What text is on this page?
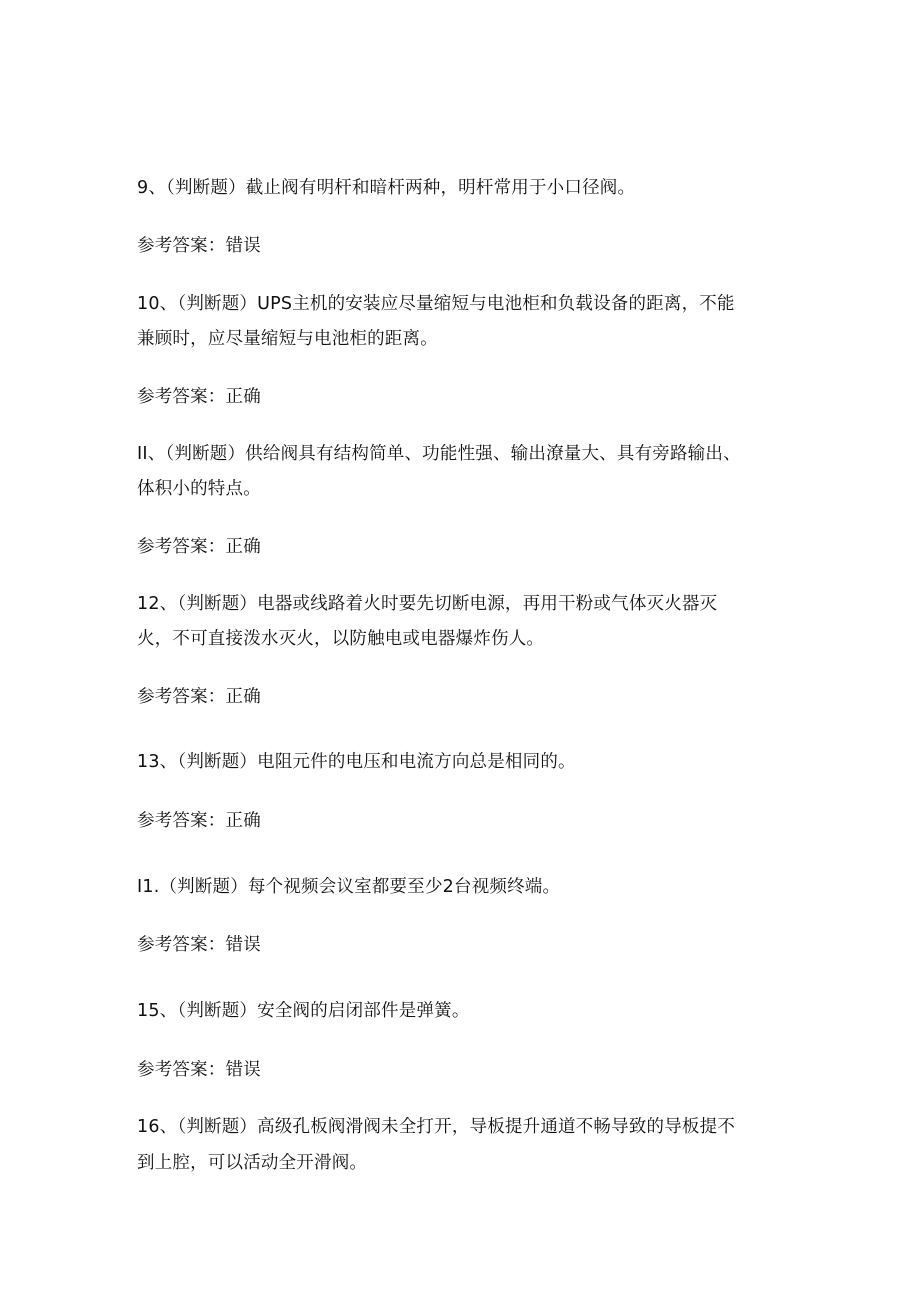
9、（判断题）截止阀有明杆和暗杆两种，明杆常用于小口径阀。
参考答案：错误
10、（判断题）UPS主机的安装应尽量缩短与电池柜和负载设备的距离，不能
兼顾时，应尽量缩短与电池柜的距离。
参考答案：正确
II、（判断题）供给阀具有结构简单、功能性强、输出潦量大、具有旁路输出、
体积小的特点。
参考答案：正确
12、（判断题）电器或线路着火时要先切断电源，再用干粉或气体灭火器灭
火，不可直接泼水灭火，以防触电或电器爆炸伤人。
参考答案：正确
13、（判断题）电阻元件的电压和电流方向总是相同的。
参考答案：正确
I1.（判断题）每个视频会议室都要至少2台视频终端。
参考答案：错误
15、（判断题）安全阀的启闭部件是弹簧。
参考答案：错误
16、（判断题）高级孔板阀滑阀未全打开，导板提升通道不畅导致的导板提不
到上腔，可以活动全开滑阀。
